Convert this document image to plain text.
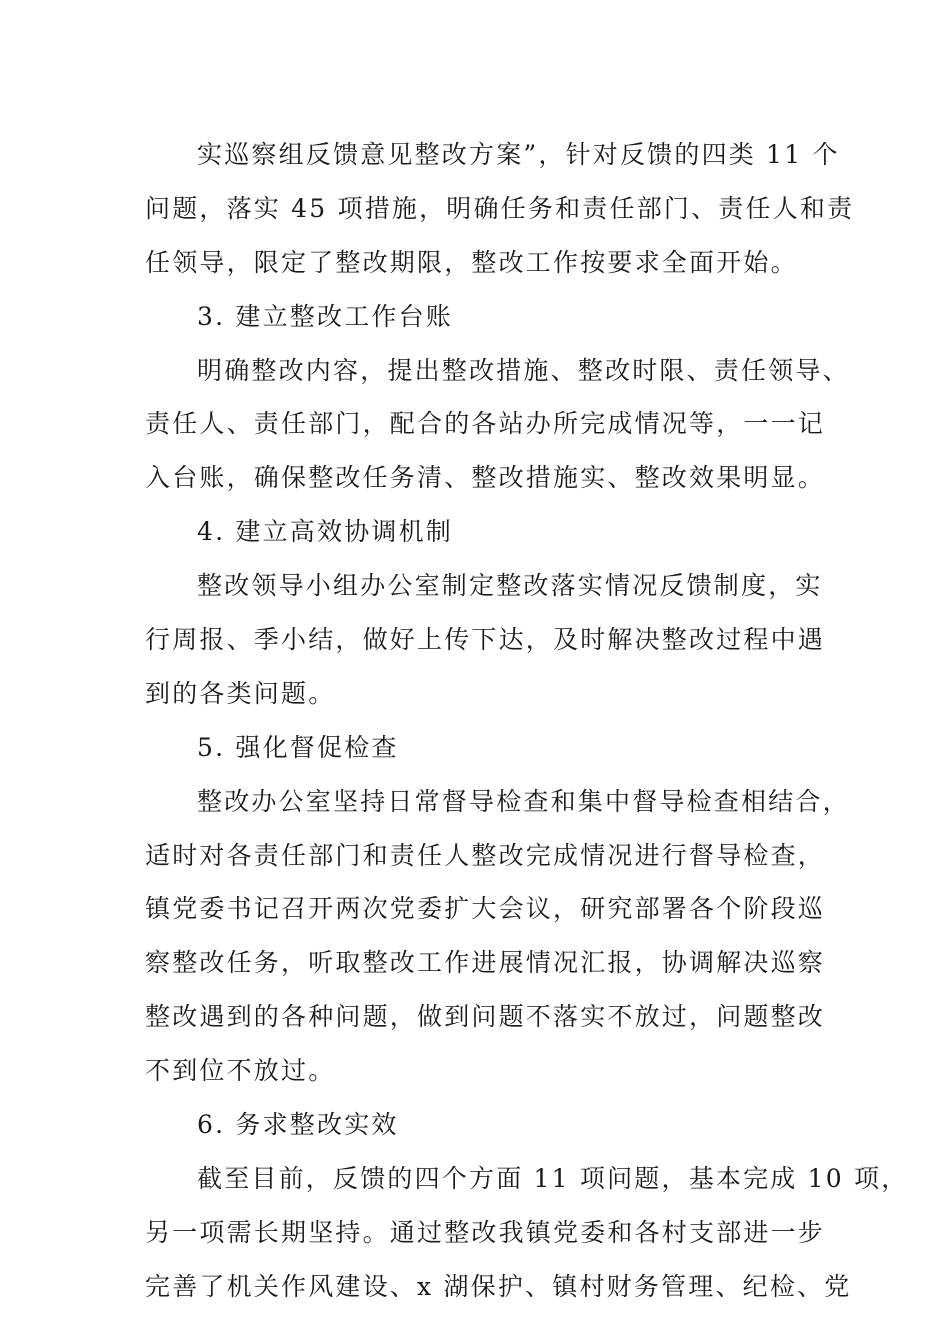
实巡察组反馈意见整改方案”，针对反馈的四类 11 个
问题，落实 45 项措施，明确任务和责任部门、责任人和责
任领导，限定了整改期限，整改工作按要求全面开始。
3. 建立整改工作台账
明确整改内容，提出整改措施、整改时限、责任领导、
责任人、责任部门，配合的各站办所完成情况等，一一记
入台账，确保整改任务清、整改措施实、整改效果明显。
4. 建立高效协调机制
整改领导小组办公室制定整改落实情况反馈制度，实
行周报、季小结，做好上传下达，及时解决整改过程中遇
到的各类问题。
5. 强化督促检查
整改办公室坚持日常督导检查和集中督导检查相结合，
适时对各责任部门和责任人整改完成情况进行督导检查，
镇党委书记召开两次党委扩大会议，研究部署各个阶段巡
察整改任务，听取整改工作进展情况汇报，协调解决巡察
整改遇到的各种问题，做到问题不落实不放过，问题整改
不到位不放过。
6. 务求整改实效
截至目前，反馈的四个方面 11 项问题，基本完成 10 项，
另一项需长期坚持。通过整改我镇党委和各村支部进一步
完善了机关作风建设、x 湖保护、镇村财务管理、纪检、党
